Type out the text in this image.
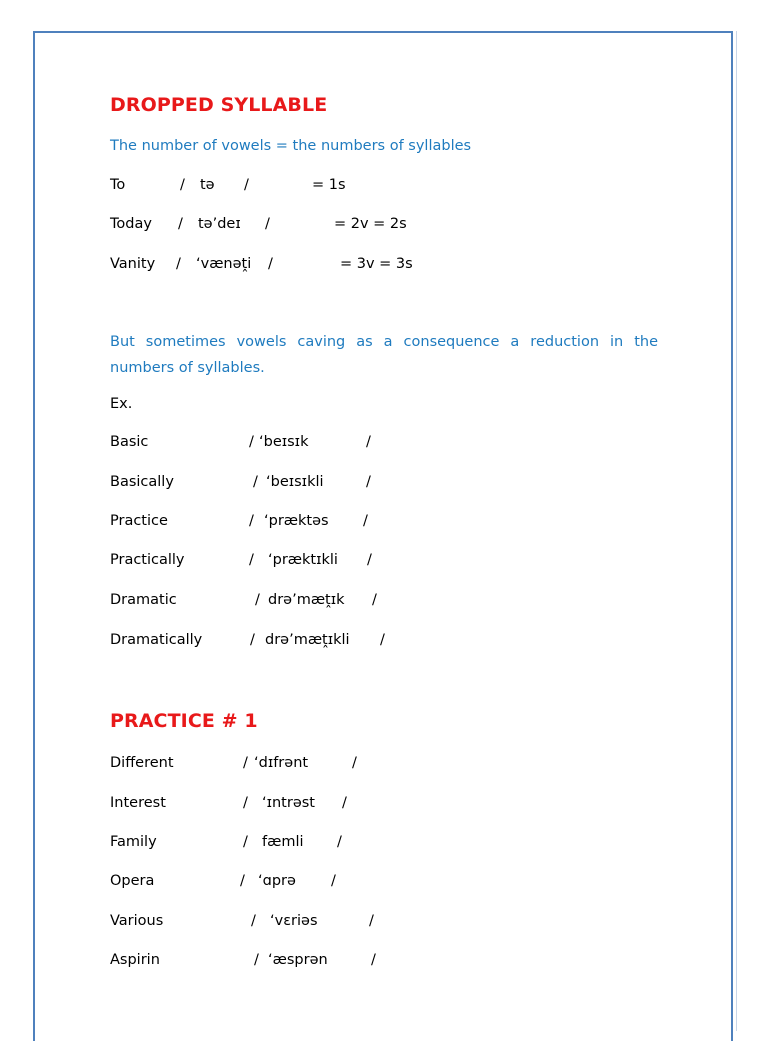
DROPPED SYLLABLE
The number of vowels = the numbers of syllables
To	/ tə /	= 1s
Today / tə’deɪ /	= 2v = 2s
Vanity / ‘vænəṱi /	= 3v = 3s
But sometimes vowels caving as a consequence a reduction in the numbers of syllables.
Ex.
Basic	/ ‘beɪsɪk	/
Basically	/ ‘beɪsɪkli	/
Practice	/ ‘præktəs /
Practically	/ ‘præktɪkli /
Dramatic	/ drə’mæṱɪk /
Dramatically	/ drə’mæṱɪkli /
PRACTICE # 1
Different	/ ‘dɪfrənt	/
Interest	/ ‘ɪntrəst /
Family	/ fæmli /
Opera	/ ‘ɑprə /
Various	/ ‘vɛriəs	/
Aspirin	/ ‘æsprən	/
